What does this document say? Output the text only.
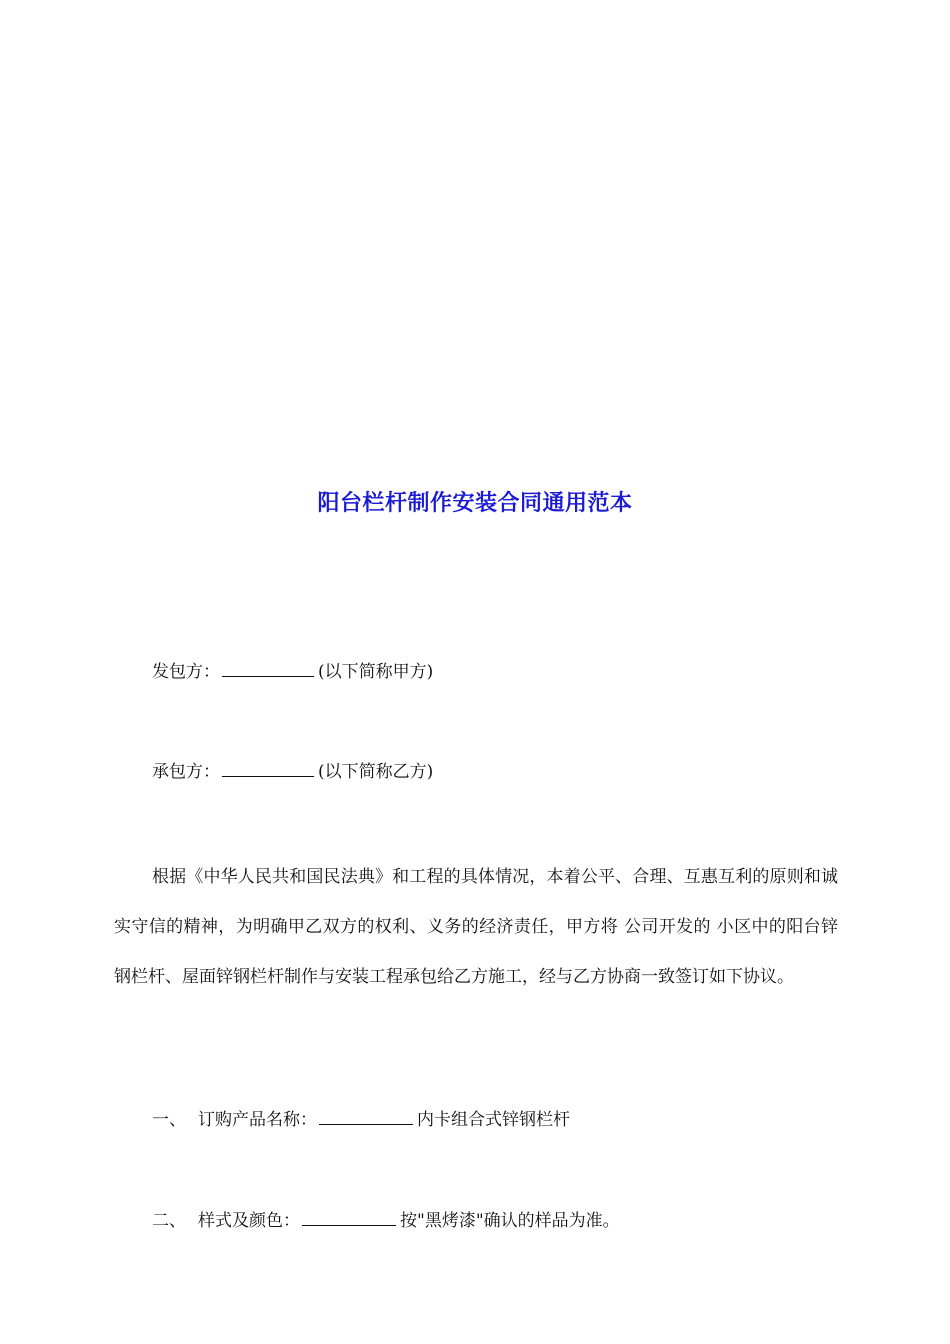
阳台栏杆制作安装合同通用范本
发包方：	(以下简称甲方)
承包方：	(以下简称乙方)
根据《中华人民共和国民法典》和工程的具体情况，本着公平、合理、互惠互利的原则和诚实守信的精神，为明确甲乙双方的权利、义务的经济责任，甲方将 公司开发的 小区中的阳台锌钢栏杆、屋面锌钢栏杆制作与安装工程承包给乙方施工，经与乙方协商一致签订如下协议。
一、 订购产品名称：	内卡组合式锌钢栏杆
二、 样式及颜色：	按"黑烤漆"确认的样品为准。
